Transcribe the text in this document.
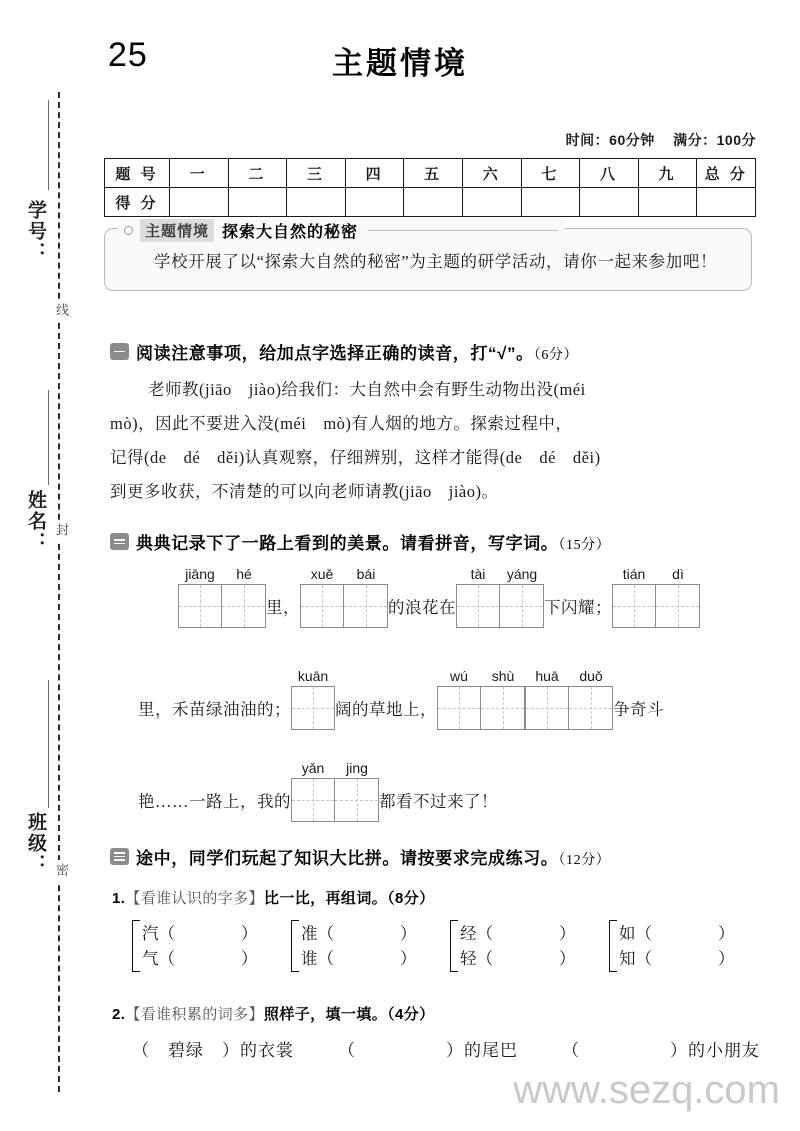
学号：
线
姓名： 封
班级： 密
25	主题情境
时间：60分钟 满分：100分
题 号	一	二	三	四	五	六	七	八	九	总 分
得 分										
学校开展了以“探索大自然的秘密”为主题的研学活动，请你一起来参加吧！
主题情境 探索大自然的秘密
阅读注意事项，给加点字选择正确的读音，打“√”。（6分）
老师教(jiāo　jiào)给我们：大自然中会有野生动物出没(méi
mò)，因此不要进入没(méi　mò)有人烟的地方。探索过程中，
记得(de　dé　děi)认真观察，仔细辨别，这样才能得(de　dé　děi)
到更多收获，不清楚的可以向老师请教(jiāo　jiào)。
典典记录下了一路上看到的美景。请看拼音，写字词。（15分）
jiāng	hé
里，
xuě	bái
的浪花在
tài	yáng
下闪耀；
tián	dì
里，禾苗绿油油的；
kuān
阔的草地上，
wú	shù	huā	duǒ
争奇斗
艳……一路上，我的
yǎn	jing
都看不过来了！
途中，同学们玩起了知识大比拼。请按要求完成练习。（12分）
1.【看谁认识的字多】比一比，再组词。（8分）
汽（　　　　）
气（　　　　）
准（　　　　）
谁（　　　　）
经（　　　　）
轻（　　　　）
如（　　　　）
知（　　　　）
2.【看谁积累的词多】照样子，填一填。（4分）
（　碧绿　）的衣裳	（　　　　　）的尾巴	（　　　　　）的小朋友
www.sezq.com
